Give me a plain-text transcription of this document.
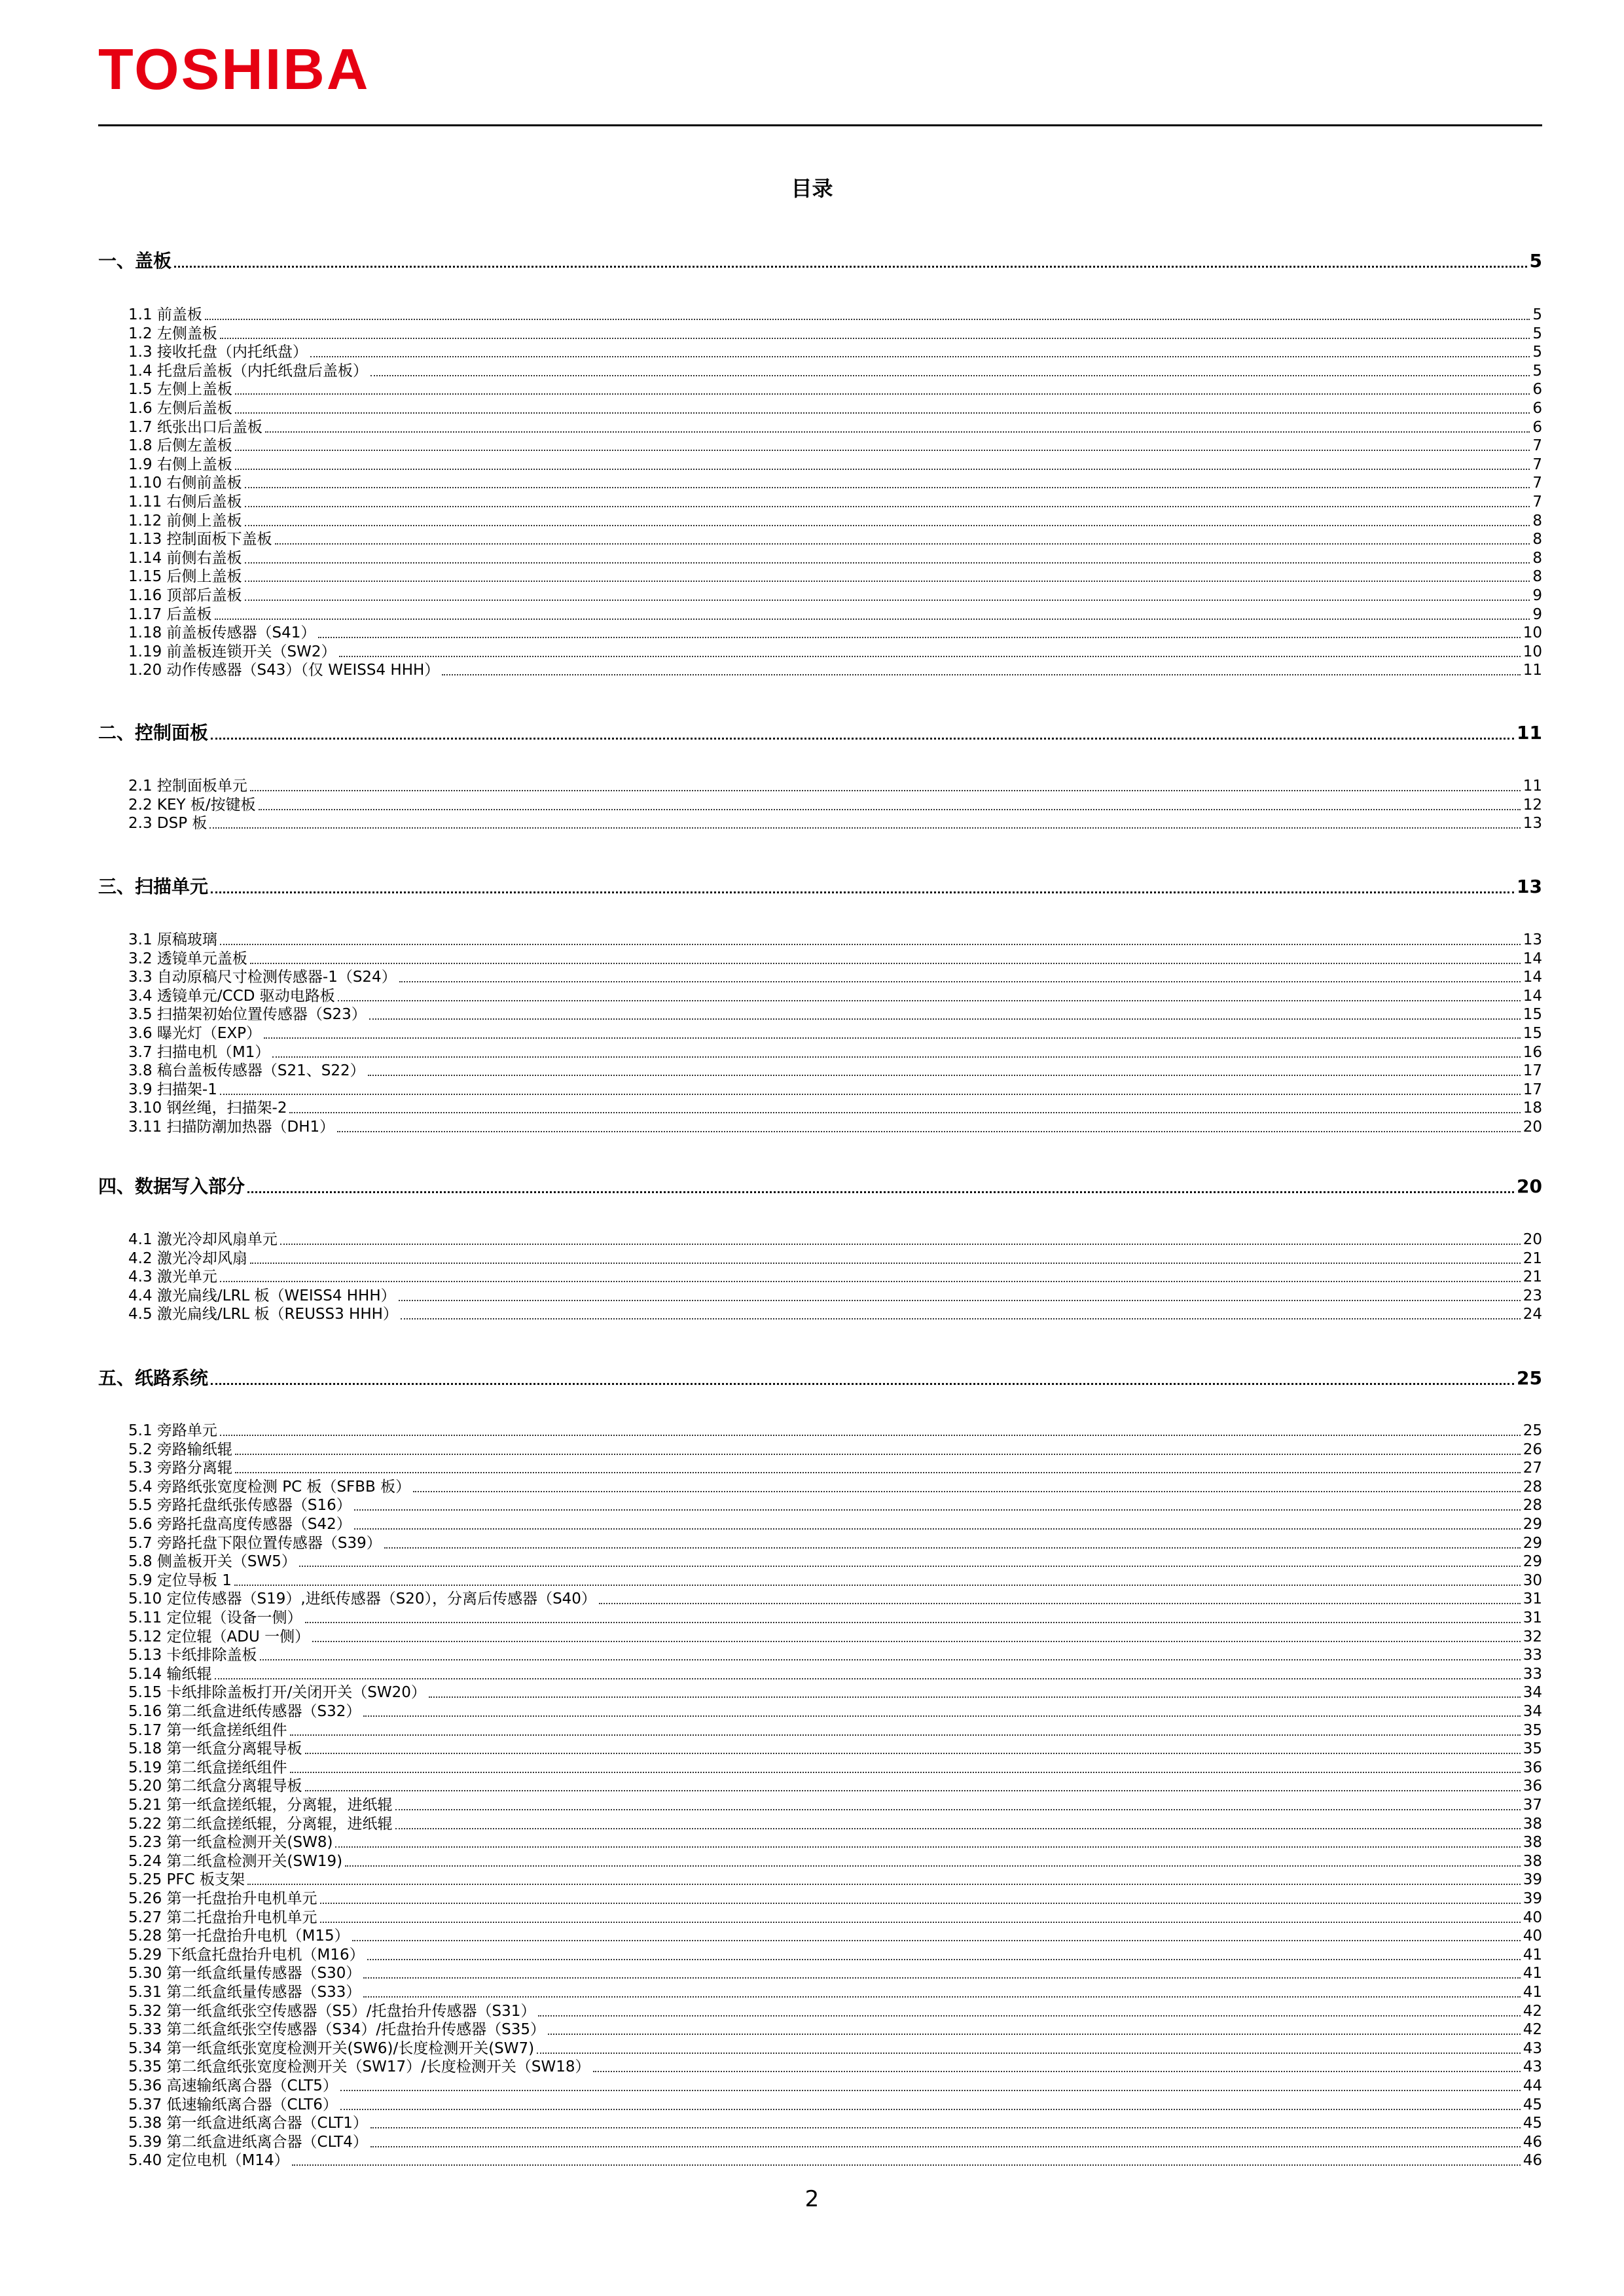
TOSHIBA
目录
一、盖板	5
1.1 前盖板	5
1.2 左侧盖板	5
1.3 接收托盘（内托纸盘）	5
1.4 托盘后盖板（内托纸盘后盖板）	5
1.5 左侧上盖板	6
1.6 左侧后盖板	6
1.7 纸张出口后盖板	6
1.8 后侧左盖板	7
1.9 右侧上盖板	7
1.10 右侧前盖板	7
1.11 右侧后盖板	7
1.12 前侧上盖板	8
1.13 控制面板下盖板	8
1.14 前侧右盖板	8
1.15 后侧上盖板	8
1.16 顶部后盖板	9
1.17 后盖板	9
1.18 前盖板传感器（S41）	10
1.19 前盖板连锁开关（SW2）	10
1.20 动作传感器（S43）（仅 WEISS4 HHH）	11
二、控制面板	11
2.1 控制面板单元	11
2.2 KEY 板/按键板	12
2.3 DSP 板	13
三、扫描单元	13
3.1 原稿玻璃	13
3.2 透镜单元盖板	14
3.3 自动原稿尺寸检测传感器-1（S24）	14
3.4 透镜单元/CCD 驱动电路板	14
3.5 扫描架初始位置传感器（S23）	15
3.6 曝光灯（EXP）	15
3.7 扫描电机（M1）	16
3.8 稿台盖板传感器（S21、S22）	17
3.9 扫描架-1	17
3.10 钢丝绳，扫描架-2	18
3.11 扫描防潮加热器（DH1）	20
四、数据写入部分	20
4.1 激光冷却风扇单元	20
4.2 激光冷却风扇	21
4.3 激光单元	21
4.4 激光扁线/LRL 板（WEISS4 HHH）	23
4.5 激光扁线/LRL 板（REUSS3 HHH）	24
五、纸路系统	25
5.1 旁路单元	25
5.2 旁路输纸辊	26
5.3 旁路分离辊	27
5.4 旁路纸张宽度检测 PC 板（SFBB 板）	28
5.5 旁路托盘纸张传感器（S16）	28
5.6 旁路托盘高度传感器（S42）	29
5.7 旁路托盘下限位置传感器（S39）	29
5.8 侧盖板开关（SW5）	29
5.9 定位导板 1	30
5.10 定位传感器（S19）,进纸传感器（S20），分离后传感器（S40）	31
5.11 定位辊（设备一侧）	31
5.12 定位辊（ADU 一侧）	32
5.13 卡纸排除盖板	33
5.14 输纸辊	33
5.15 卡纸排除盖板打开/关闭开关（SW20）	34
5.16 第二纸盒进纸传感器（S32）	34
5.17 第一纸盒搓纸组件	35
5.18 第一纸盒分离辊导板	35
5.19 第二纸盒搓纸组件	36
5.20 第二纸盒分离辊导板	36
5.21 第一纸盒搓纸辊，分离辊，进纸辊	37
5.22 第二纸盒搓纸辊，分离辊，进纸辊	38
5.23 第一纸盒检测开关(SW8)	38
5.24 第二纸盒检测开关(SW19)	38
5.25 PFC 板支架	39
5.26 第一托盘抬升电机单元	39
5.27 第二托盘抬升电机单元	40
5.28 第一托盘抬升电机（M15）	40
5.29 下纸盒托盘抬升电机（M16）	41
5.30 第一纸盒纸量传感器（S30）	41
5.31 第二纸盒纸量传感器（S33）	41
5.32 第一纸盒纸张空传感器（S5）/托盘抬升传感器（S31）	42
5.33 第二纸盒纸张空传感器（S34）/托盘抬升传感器（S35）	42
5.34 第一纸盒纸张宽度检测开关(SW6)/长度检测开关(SW7)	43
5.35 第二纸盒纸张宽度检测开关（SW17）/长度检测开关（SW18）	43
5.36 高速输纸离合器（CLT5）	44
5.37 低速输纸离合器（CLT6）	45
5.38 第一纸盒进纸离合器（CLT1）	45
5.39 第二纸盒进纸离合器（CLT4）	46
5.40 定位电机（M14）	46
2
